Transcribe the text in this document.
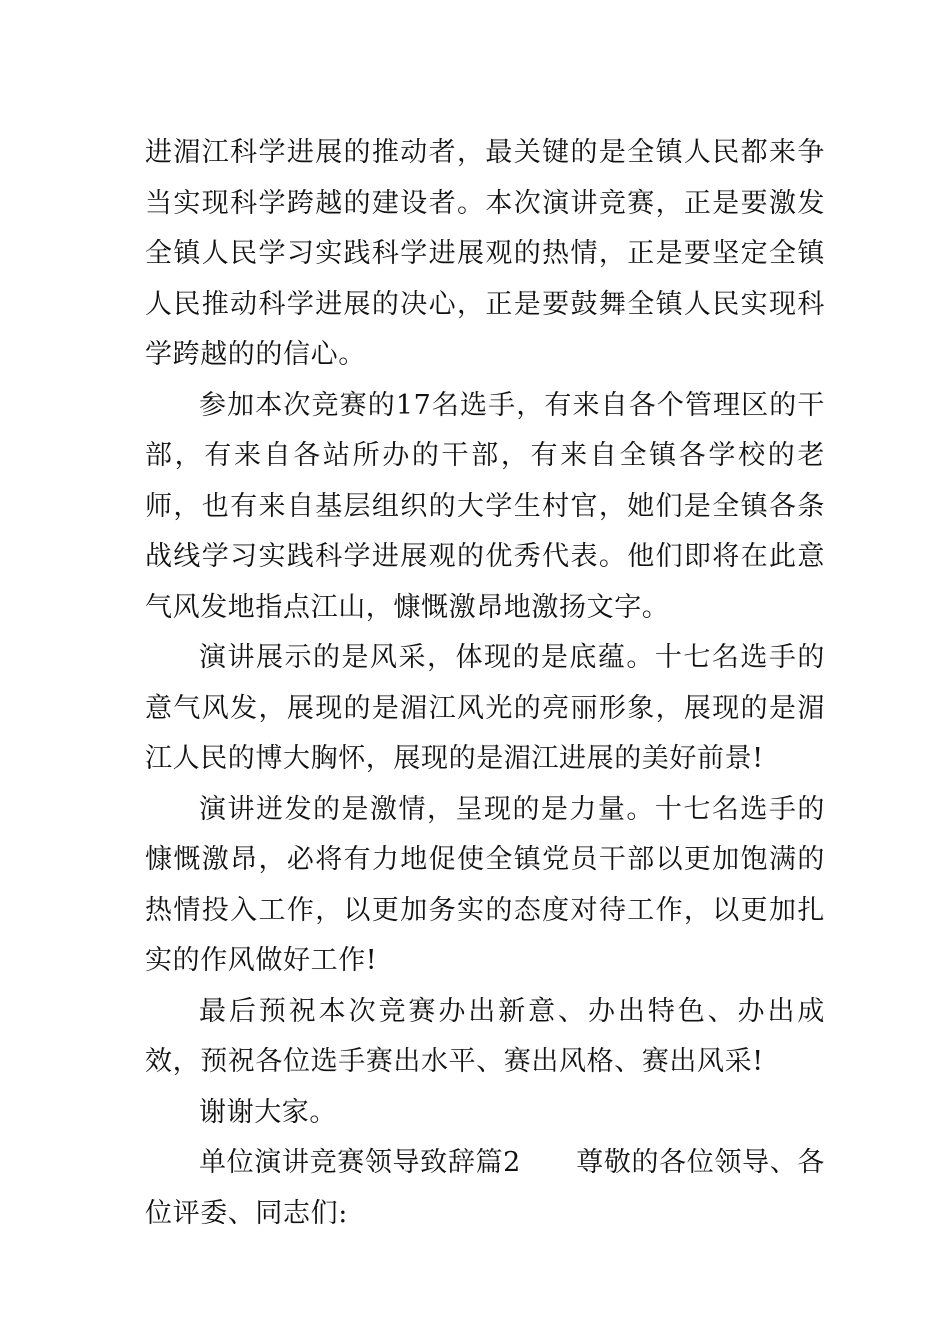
进湄江科学进展的推动者，最关键的是全镇人民都来争当实现科学跨越的建设者。本次演讲竞赛，正是要激发全镇人民学习实践科学进展观的热情，正是要坚定全镇人民推动科学进展的决心，正是要鼓舞全镇人民实现科学跨越的的信心。

参加本次竞赛的17名选手，有来自各个管理区的干部，有来自各站所办的干部，有来自全镇各学校的老师，也有来自基层组织的大学生村官，她们是全镇各条战线学习实践科学进展观的优秀代表。他们即将在此意气风发地指点江山，慷慨激昂地激扬文字。

演讲展示的是风采，体现的是底蕴。十七名选手的意气风发，展现的是湄江风光的亮丽形象，展现的是湄江人民的博大胸怀，展现的是湄江进展的美好前景!

演讲迸发的是激情，呈现的是力量。十七名选手的慷慨激昂，必将有力地促使全镇党员干部以更加饱满的热情投入工作，以更加务实的态度对待工作，以更加扎实的作风做好工作!

最后预祝本次竞赛办出新意、办出特色、办出成效，预祝各位选手赛出水平、赛出风格、赛出风采!

谢谢大家。

单位演讲竞赛领导致辞篇2　　尊敬的各位领导、各位评委、同志们:
